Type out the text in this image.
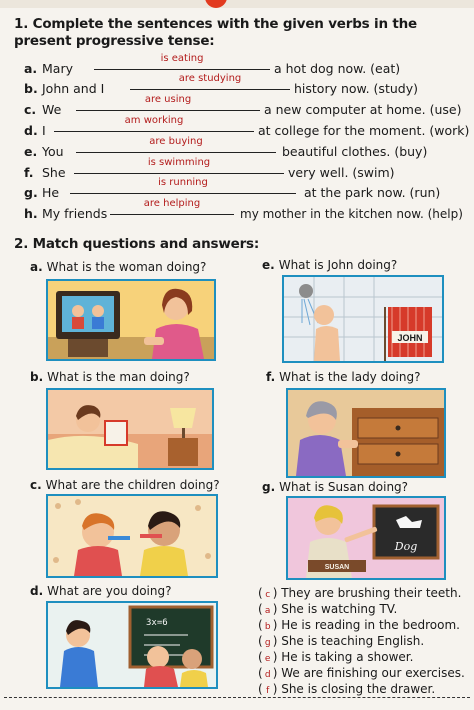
1. Complete the sentences with the given verbs in the present progressive tense:
a. Mary
is eating
a hot dog now. (eat)
b. John and I
are studying
history now. (study)
c. We
are using
a new computer at home. (use)
d. I
am working
at college for the moment. (work)
e. You
are buying
beautiful clothes. (buy)
f. She
is swimming
very well. (swim)
g. He
is running
at the park now. (run)
h. My friends
are helping
my mother in the kitchen now. (help)
2. Match questions and answers:
a. What is the woman doing?	e. What is John doing?
b. What is the man doing?	f. What is the lady doing?
c. What are the children doing?	g. What is Susan doing?
d. What are you doing?
JOHN
Dog
SUSAN
3x=6
( c ) They are brushing their teeth.
( a ) She is watching TV.
( b ) He is reading in the bedroom.
( g ) She is teaching English.
( e ) He is taking a shower.
( d ) We are finishing our exercises.
( f ) She is closing the drawer.
